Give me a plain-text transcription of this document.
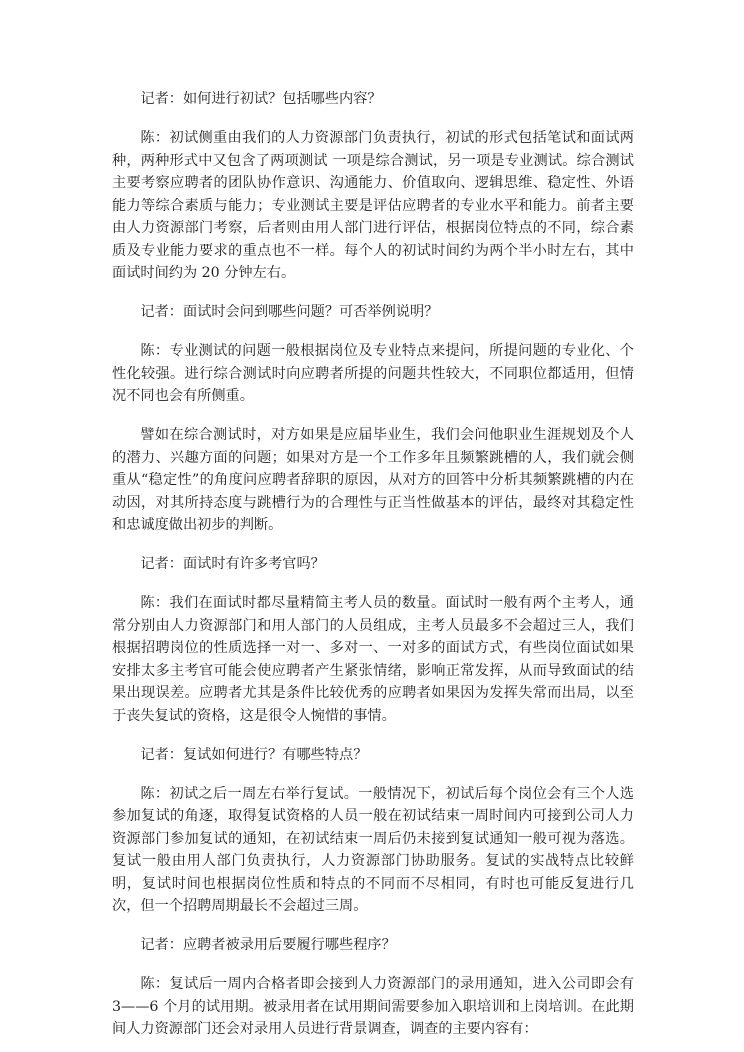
记者：如何进行初试？包括哪些内容？

陈：初试侧重由我们的人力资源部门负责执行，初试的形式包括笔试和面试两种，两种形式中又包含了两项测试 一项是综合测试，另一项是专业测试。综合测试主要考察应聘者的团队协作意识、沟通能力、价值取向、逻辑思维、稳定性、外语能力等综合素质与能力；专业测试主要是评估应聘者的专业水平和能力。前者主要由人力资源部门考察，后者则由用人部门进行评估，根据岗位特点的不同，综合素质及专业能力要求的重点也不一样。每个人的初试时间约为两个半小时左右，其中面试时间约为 20 分钟左右。

记者：面试时会问到哪些问题？可否举例说明？

陈：专业测试的问题一般根据岗位及专业特点来提问，所提问题的专业化、个性化较强。进行综合测试时向应聘者所提的问题共性较大，不同职位都适用，但情况不同也会有所侧重。

譬如在综合测试时，对方如果是应届毕业生，我们会问他职业生涯规划及个人的潜力、兴趣方面的问题；如果对方是一个工作多年且频繁跳槽的人，我们就会侧重从“稳定性”的角度问应聘者辞职的原因，从对方的回答中分析其频繁跳槽的内在动因，对其所持态度与跳槽行为的合理性与正当性做基本的评估，最终对其稳定性和忠诚度做出初步的判断。

记者：面试时有许多考官吗？

陈：我们在面试时都尽量精简主考人员的数量。面试时一般有两个主考人，通常分别由人力资源部门和用人部门的人员组成，主考人员最多不会超过三人，我们根据招聘岗位的性质选择一对一、多对一、一对多的面试方式，有些岗位面试如果安排太多主考官可能会使应聘者产生紧张情绪，影响正常发挥，从而导致面试的结果出现误差。应聘者尤其是条件比较优秀的应聘者如果因为发挥失常而出局，以至于丧失复试的资格，这是很令人惋惜的事情。

记者：复试如何进行？有哪些特点？

陈：初试之后一周左右举行复试。一般情况下，初试后每个岗位会有三个人选参加复试的角逐，取得复试资格的人员一般在初试结束一周时间内可接到公司人力资源部门参加复试的通知，在初试结束一周后仍未接到复试通知一般可视为落选。复试一般由用人部门负责执行，人力资源部门协助服务。复试的实战特点比较鲜明，复试时间也根据岗位性质和特点的不同而不尽相同，有时也可能反复进行几次，但一个招聘周期最长不会超过三周。

记者：应聘者被录用后要履行哪些程序？

陈：复试后一周内合格者即会接到人力资源部门的录用通知，进入公司即会有 3——6 个月的试用期。被录用者在试用期间需要参加入职培训和上岗培训。在此期间人力资源部门还会对录用人员进行背景调查，调查的主要内容有：
